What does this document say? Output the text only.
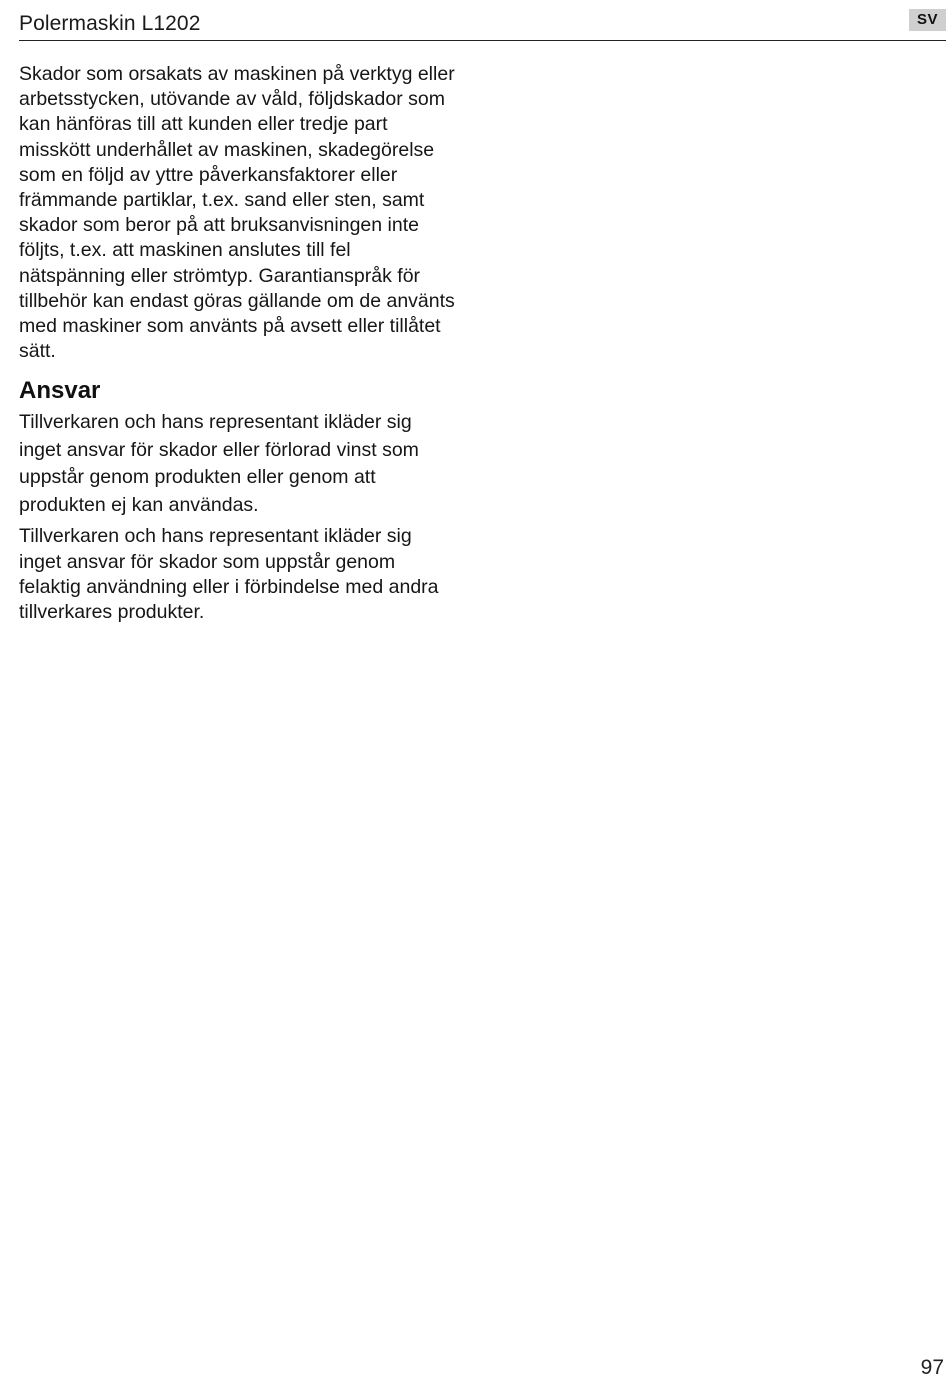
Polermaskin L1202	SV

Skador som orsakats av maskinen på verktyg eller arbetsstycken, utövande av våld, följdskador som kan hänföras till att kunden eller tredje part misskött underhållet av maskinen, skadegörelse som en följd av yttre påverkansfaktorer eller främmande partiklar, t.ex. sand eller sten, samt skador som beror på att bruksanvisningen inte följts, t.ex. att maskinen anslutes till fel nätspänning eller strömtyp. Garantianspråk för tillbehör kan endast göras gällande om de använts med maskiner som använts på avsett eller tillåtet sätt.

Ansvar

Tillverkaren och hans representant ikläder sig inget ansvar för skador eller förlorad vinst som uppstår genom produkten eller genom att produkten ej kan användas.

Tillverkaren och hans representant ikläder sig inget ansvar för skador som uppstår genom felaktig användning eller i förbindelse med andra tillverkares produkter.

97
